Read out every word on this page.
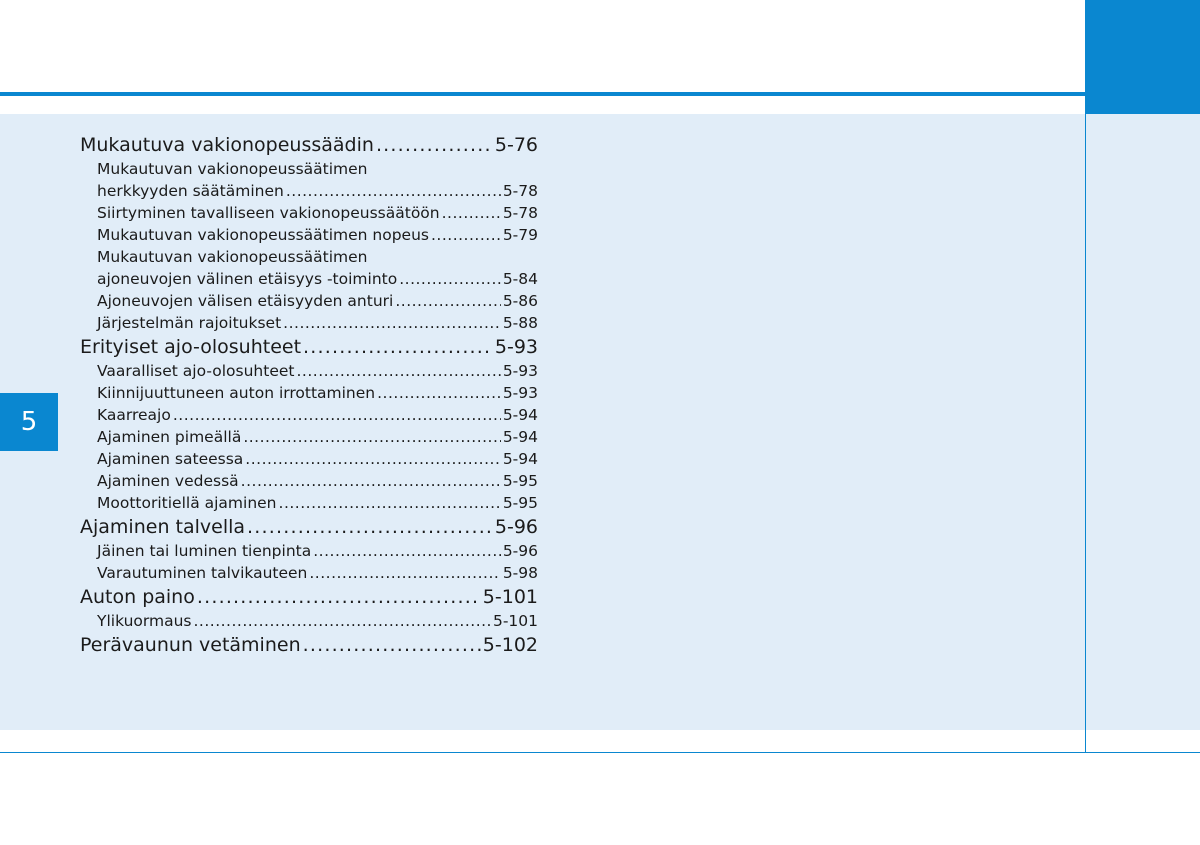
5
Mukautuva vakionopeussäädin .....	5-76
Mukautuvan vakionopeussäätimen
herkkyyden säätäminen .....	5-78
Siirtyminen tavalliseen vakionopeussäätöön .....	5-78
Mukautuvan vakionopeussäätimen nopeus .....	5-79
Mukautuvan vakionopeussäätimen
ajoneuvojen välinen etäisyys -toiminto .....	5-84
Ajoneuvojen välisen etäisyyden anturi .....	5-86
Järjestelmän rajoitukset .....	5-88
Erityiset ajo-olosuhteet .....	5-93
Vaaralliset ajo-olosuhteet .....	5-93
Kiinnijuuttuneen auton irrottaminen .....	5-93
Kaarreajo .....	5-94
Ajaminen pimeällä .....	5-94
Ajaminen sateessa .....	5-94
Ajaminen vedessä .....	5-95
Moottoritiellä ajaminen .....	5-95
Ajaminen talvella .....	5-96
Jäinen tai luminen tienpinta .....	5-96
Varautuminen talvikauteen .....	5-98
Auton paino .....	5-101
Ylikuormaus .....	5-101
Perävaunun vetäminen .....	5-102
